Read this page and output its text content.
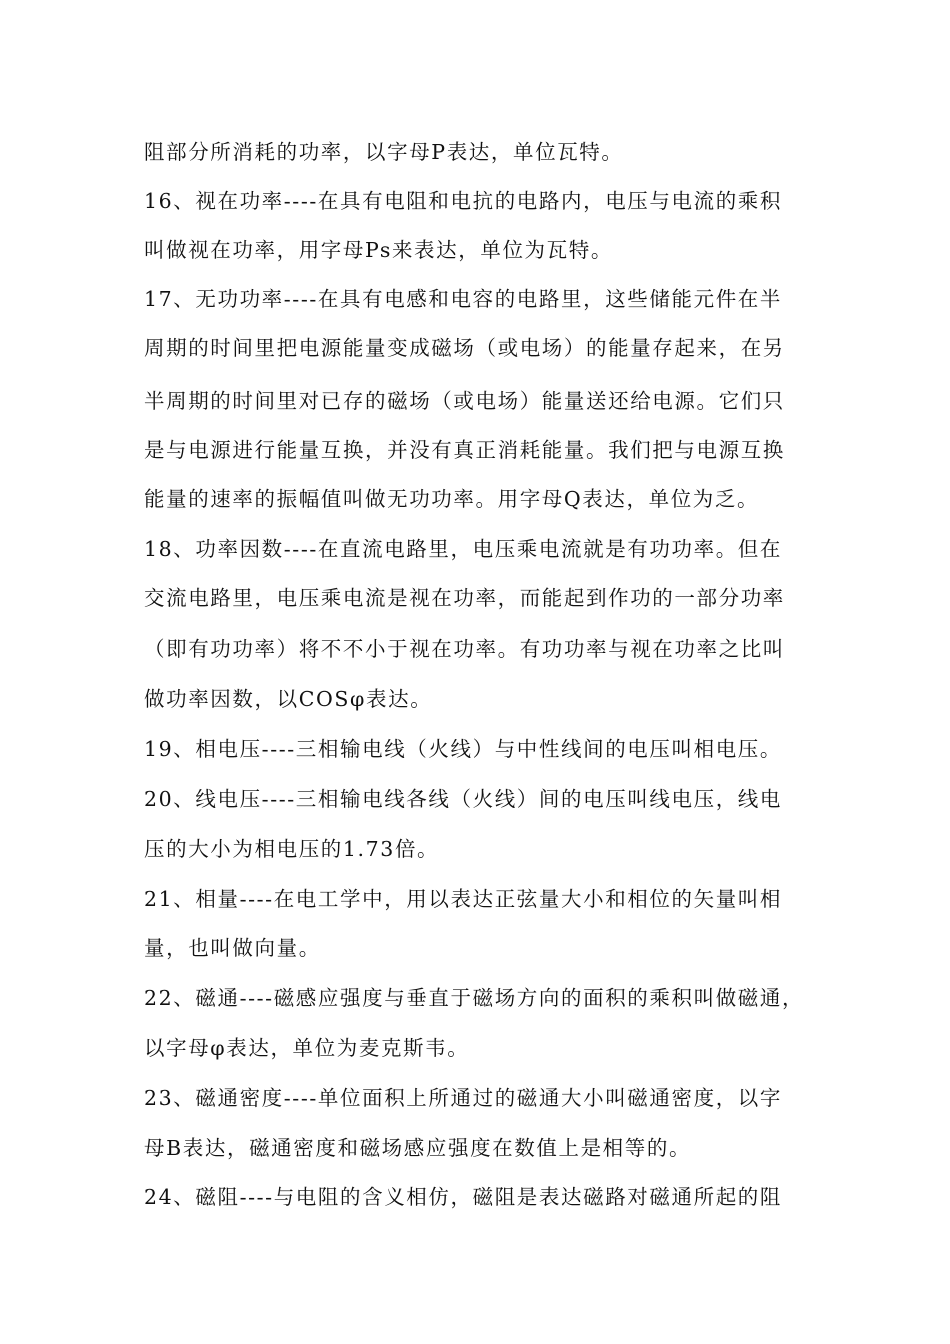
阻部分所消耗的功率，以字母P表达，单位瓦特。
16、视在功率----在具有电阻和电抗的电路内，电压与电流的乘积
叫做视在功率，用字母Ps来表达，单位为瓦特。
17、无功功率----在具有电感和电容的电路里，这些储能元件在半
周期的时间里把电源能量变成磁场（或电场）的能量存起来，在另
半周期的时间里对已存的磁场（或电场）能量送还给电源。它们只
是与电源进行能量互换，并没有真正消耗能量。我们把与电源互换
能量的速率的振幅值叫做无功功率。用字母Q表达，单位为乏。
18、功率因数----在直流电路里，电压乘电流就是有功功率。但在
交流电路里，电压乘电流是视在功率，而能起到作功的一部分功率
（即有功功率）将不不小于视在功率。有功功率与视在功率之比叫
做功率因数，以COSφ表达。
19、相电压----三相输电线（火线）与中性线间的电压叫相电压。
20、线电压----三相输电线各线（火线）间的电压叫线电压，线电
压的大小为相电压的1.73倍。
21、相量----在电工学中，用以表达正弦量大小和相位的矢量叫相
量，也叫做向量。
22、磁通----磁感应强度与垂直于磁场方向的面积的乘积叫做磁通，
以字母φ表达，单位为麦克斯韦。
23、磁通密度----单位面积上所通过的磁通大小叫磁通密度，以字
母B表达，磁通密度和磁场感应强度在数值上是相等的。
24、磁阻----与电阻的含义相仿，磁阻是表达磁路对磁通所起的阻
